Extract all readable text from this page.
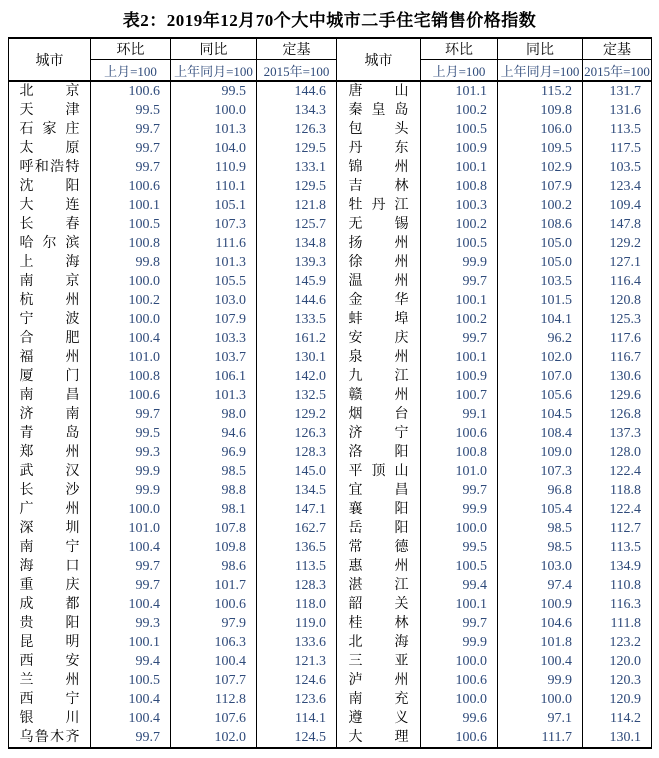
表2：2019年12月70个大中城市二手住宅销售价格指数
城市	环比	同比	定基	城市	环比	同比	定基
	上月=100	上年同月=100	2015年=100		上月=100	上年同月=100	2015年=100
北京	100.6	99.5	144.6	唐山	101.1	115.2	131.7
天津	99.5	100.0	134.3	秦皇岛	100.2	109.8	131.6
石家庄	99.7	101.3	126.3	包头	100.5	106.0	113.5
太原	99.7	104.0	129.5	丹东	100.9	109.5	117.5
呼和浩特	99.7	110.9	133.1	锦州	100.1	102.9	103.5
沈阳	100.6	110.1	129.5	吉林	100.8	107.9	123.4
大连	100.1	105.1	121.8	牡丹江	100.3	100.2	109.4
长春	100.5	107.3	125.7	无锡	100.2	108.6	147.8
哈尔滨	100.8	111.6	134.8	扬州	100.5	105.0	129.2
上海	99.8	101.3	139.3	徐州	99.9	105.0	127.1
南京	100.0	105.5	145.9	温州	99.7	103.5	116.4
杭州	100.2	103.0	144.6	金华	100.1	101.5	120.8
宁波	100.0	107.9	133.5	蚌埠	100.2	104.1	125.3
合肥	100.4	103.3	161.2	安庆	99.7	96.2	117.6
福州	101.0	103.7	130.1	泉州	100.1	102.0	116.7
厦门	100.8	106.1	142.0	九江	100.9	107.0	130.6
南昌	100.6	101.3	132.5	赣州	100.7	105.6	129.6
济南	99.7	98.0	129.2	烟台	99.1	104.5	126.8
青岛	99.5	94.6	126.3	济宁	100.6	108.4	137.3
郑州	99.3	96.9	128.3	洛阳	100.8	109.0	128.0
武汉	99.9	98.5	145.0	平顶山	101.0	107.3	122.4
长沙	99.9	98.8	134.5	宜昌	99.7	96.8	118.8
广州	100.0	98.1	147.1	襄阳	99.9	105.4	122.4
深圳	101.0	107.8	162.7	岳阳	100.0	98.5	112.7
南宁	100.4	109.8	136.5	常德	99.5	98.5	113.5
海口	99.7	98.6	113.5	惠州	100.5	103.0	134.9
重庆	99.7	101.7	128.3	湛江	99.4	97.4	110.8
成都	100.4	100.6	118.0	韶关	100.1	100.9	116.3
贵阳	99.3	97.9	119.0	桂林	99.7	104.6	111.8
昆明	100.1	106.3	133.6	北海	99.9	101.8	123.2
西安	99.4	100.4	121.3	三亚	100.0	100.4	120.0
兰州	100.5	107.7	124.6	泸州	100.6	99.9	120.3
西宁	100.4	112.8	123.6	南充	100.0	100.0	120.9
银川	100.4	107.6	114.1	遵义	99.6	97.1	114.2
乌鲁木齐	99.7	102.0	124.5	大理	100.6	111.7	130.1
